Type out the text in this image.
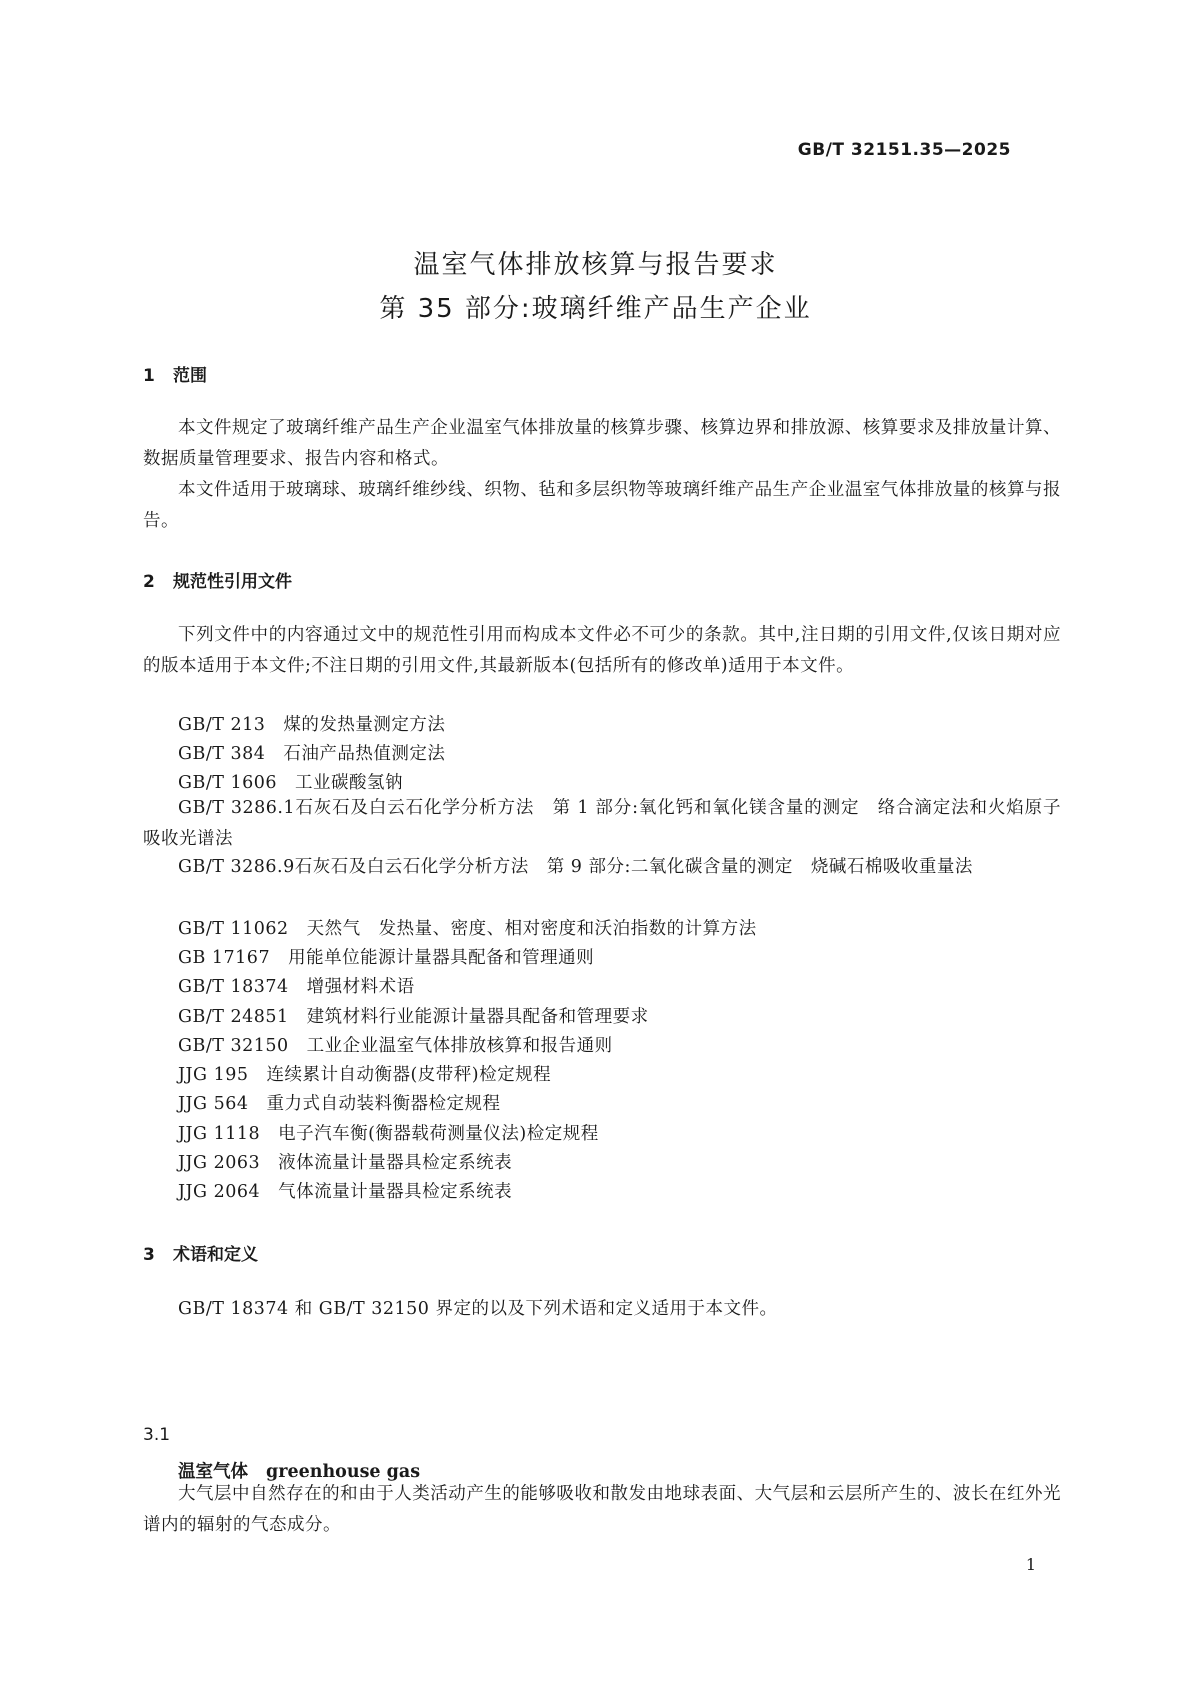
GB/T 32151.35—2025
温室气体排放核算与报告要求
第 35 部分:玻璃纤维产品生产企业
1 范围

本文件规定了玻璃纤维产品生产企业温室气体排放量的核算步骤、核算边界和排放源、核算要求及排放量计算、数据质量管理要求、报告内容和格式。

本文件适用于玻璃球、玻璃纤维纱线、织物、毡和多层织物等玻璃纤维产品生产企业温室气体排放量的核算与报告。

2 规范性引用文件

下列文件中的内容通过文中的规范性引用而构成本文件必不可少的条款。其中,注日期的引用文件,仅该日期对应的版本适用于本文件;不注日期的引用文件,其最新版本(包括所有的修改单)适用于本文件。

GB/T 213 煤的发热量测定方法
GB/T 384 石油产品热值测定法
GB/T 1606 工业碳酸氢钠

GB/T 3286.1石灰石及白云石化学分析方法　第 1 部分:氧化钙和氧化镁含量的测定　络合滴定法和火焰原子吸收光谱法

GB/T 3286.9石灰石及白云石化学分析方法　第 9 部分:二氧化碳含量的测定　烧碱石棉吸收重量法

GB/T 11062 天然气　发热量、密度、相对密度和沃泊指数的计算方法
GB 17167 用能单位能源计量器具配备和管理通则
GB/T 18374 增强材料术语
GB/T 24851 建筑材料行业能源计量器具配备和管理要求
GB/T 32150 工业企业温室气体排放核算和报告通则
JJG 195 连续累计自动衡器(皮带秤)检定规程
JJG 564 重力式自动装料衡器检定规程
JJG 1118 电子汽车衡(衡器载荷测量仪法)检定规程
JJG 2063 液体流量计量器具检定系统表
JJG 2064 气体流量计量器具检定系统表
3 术语和定义
GB/T 18374 和 GB/T 32150 界定的以及下列术语和定义适用于本文件。
3.1
温室气体 greenhouse gas

大气层中自然存在的和由于人类活动产生的能够吸收和散发由地球表面、大气层和云层所产生的、波长在红外光谱内的辐射的气态成分。

1
